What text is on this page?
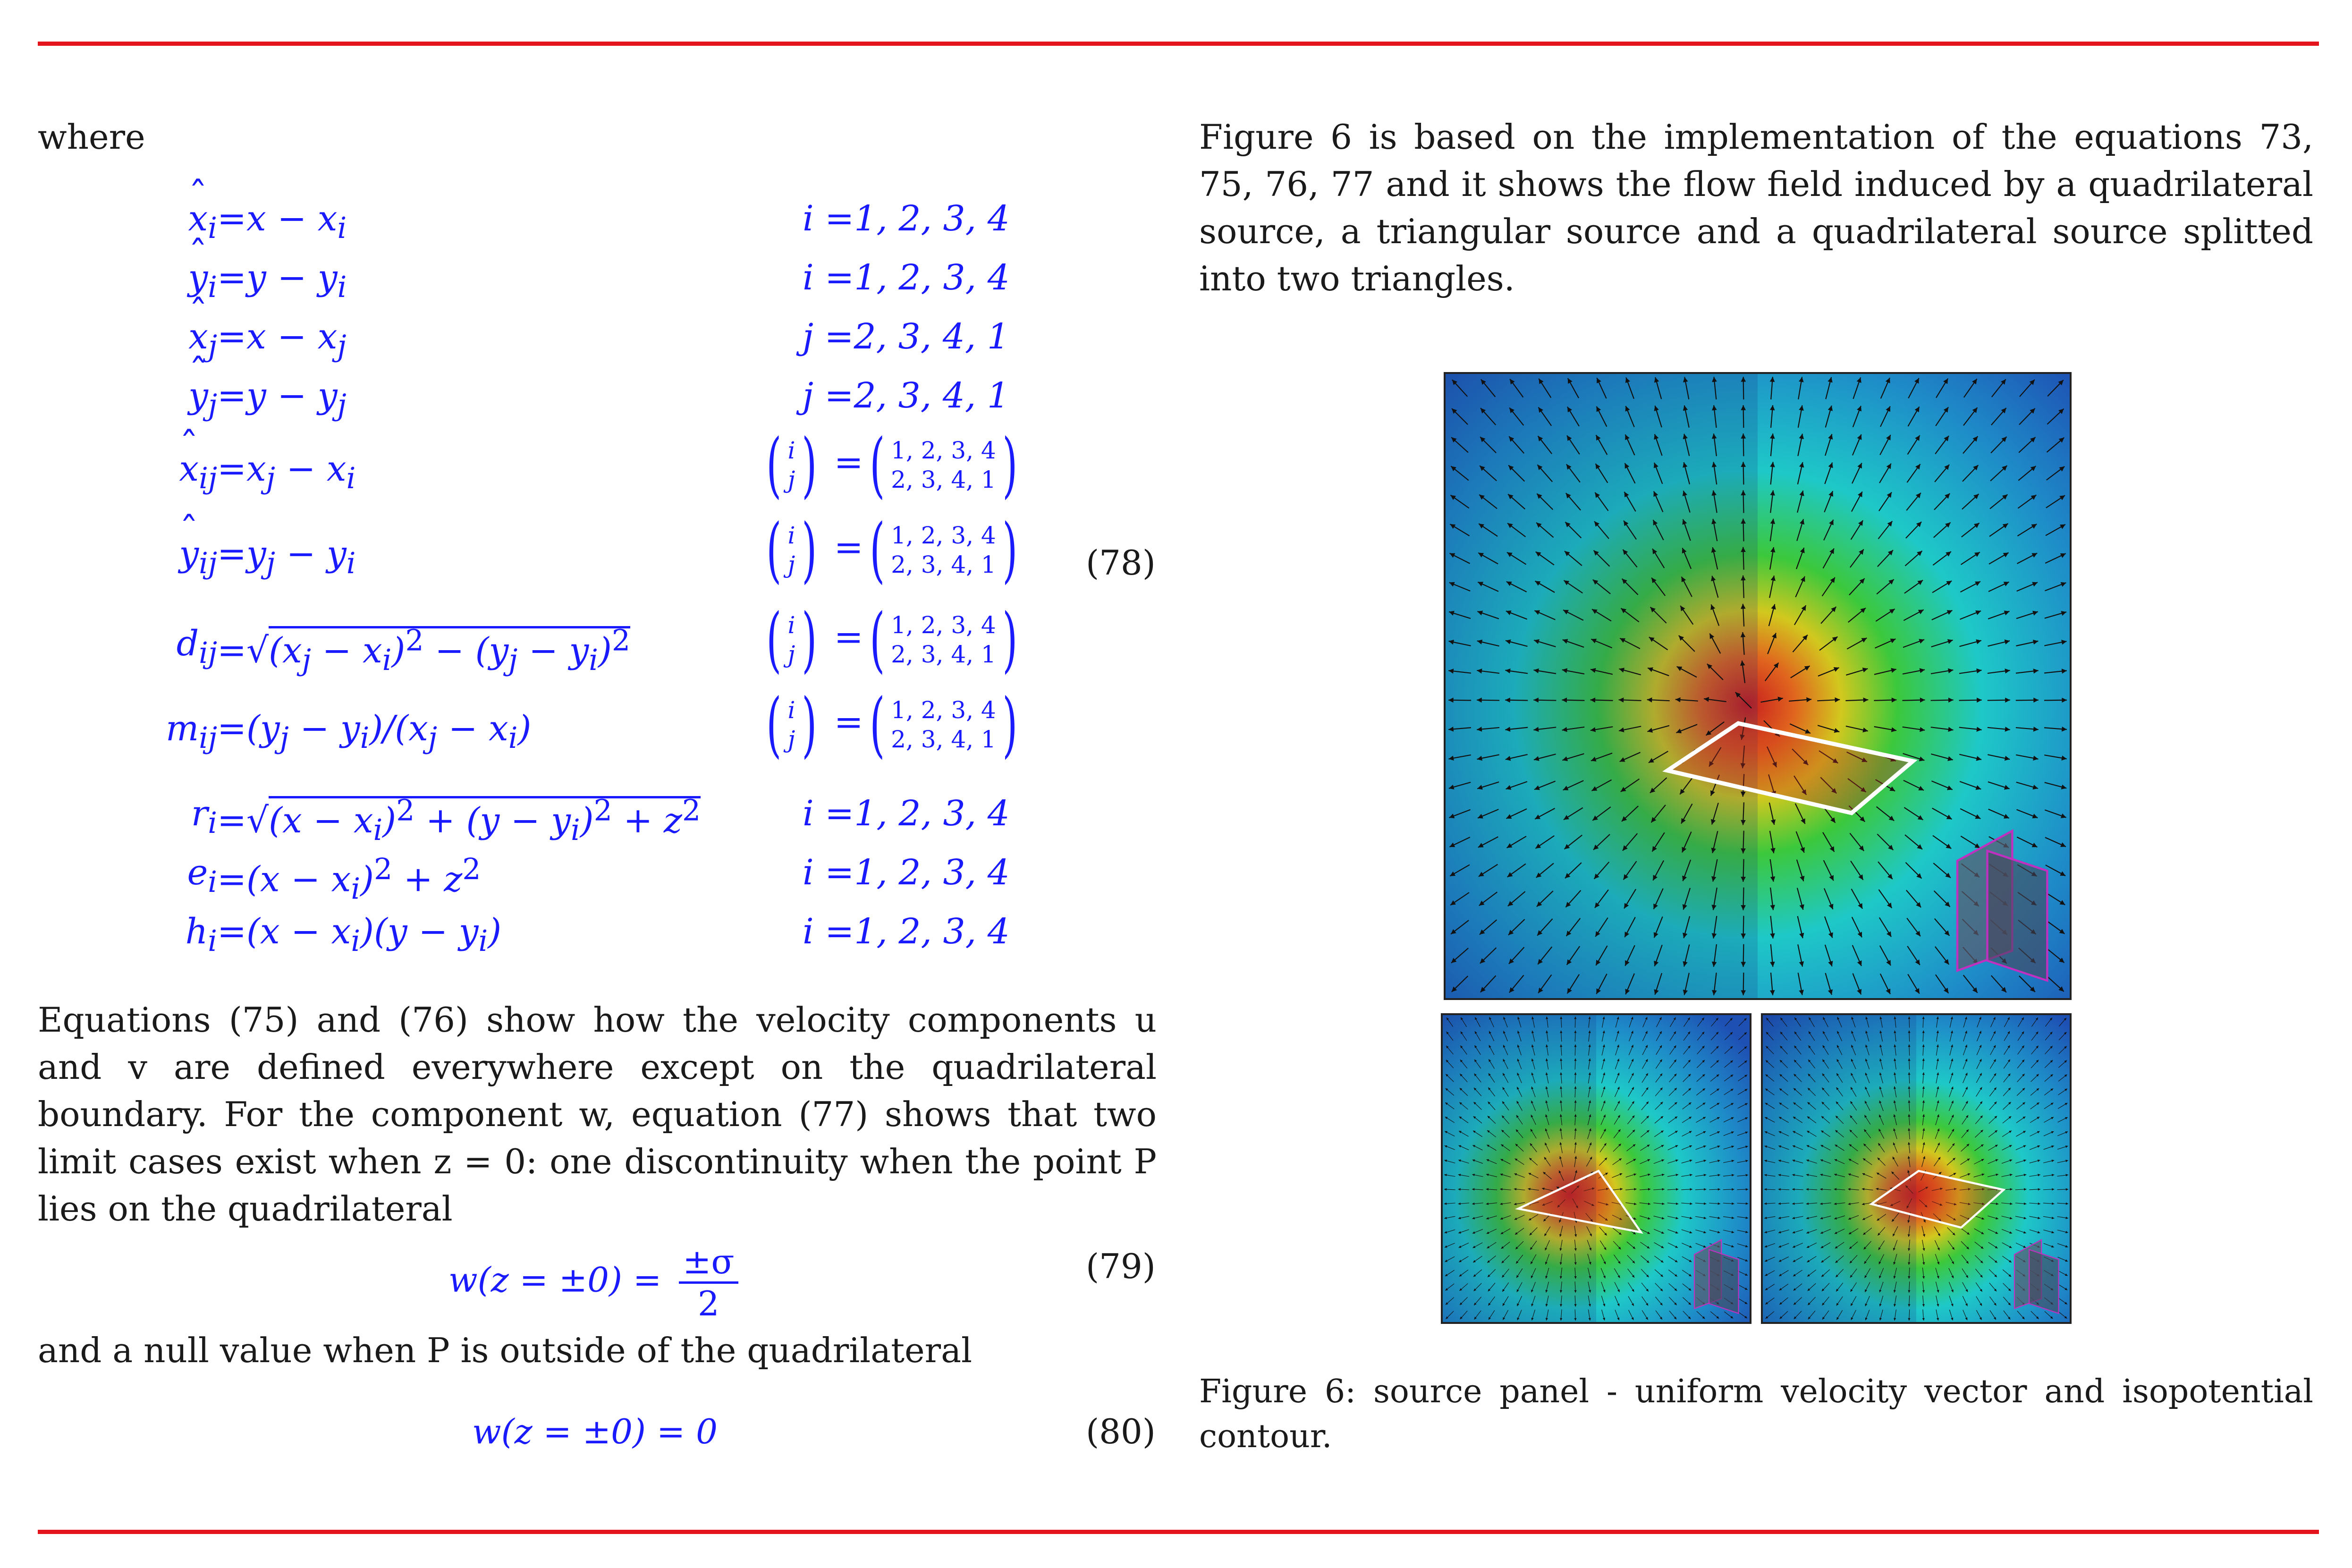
where

ˆ $x_i =x - x_i$	i =1, 2, 3, 4
ˆ $y_i =y - y_i$	i =1, 2, 3, 4
ˆ $x_j =x - x_j$	j =2, 3, 4, 1
ˆ $y_j =y - y_j$	j =2, 3, 4, 1
ˆ $x_{ij} =x_j - x_i$	( i
j ) =( 1, 2, 3, 4
2, 3, 4, 1 )
ˆ $y_{ij} =y_j - y_i$	( i
j ) =( 1, 2, 3, 4
2, 3, 4, 1 )
$d_{ij} =√(x_j - x_i)^2 - (y_j - y_i)^2$ ( i
j ) =( 1, 2, 3, 4
2, 3, 4, 1 )
$m_{ij} =(y_j - y_i)/(x_j - x_i)$	( i
j ) =( 1, 2, 3, 4
2, 3, 4, 1 )
$r_i =√(x - x_i)^2 + (y - y_i)^2 + z^2$	i =1, 2, 3, 4
$e_i =(x - x_i)^2 + z^2$	i =1, 2, 3, 4
$h_i =(x - x_i)(y - y_i)$	i =1, 2, 3, 4
(78)

Equations (75) and (76) show how the velocity components u and v are defined everywhere except on the quadrilateral boundary. For the component w, equation (77) shows that two limit cases exist when z = 0: one discontinuity when the point P lies on the quadrilateral

$w(z = \pm 0) = \frac{\pm\sigma}{2}$	(79)

and a null value when P is outside of the quadrilateral

w(z = ±0) = 0	(80)

Figure 6 is based on the implementation of the equations 73, 75, 76, 77 and it shows the flow field induced by a quadrilateral source, a triangular source and a quadrilateral source splitted into two triangles.

Figure 6: source panel - uniform velocity vector and isopotential contour.
